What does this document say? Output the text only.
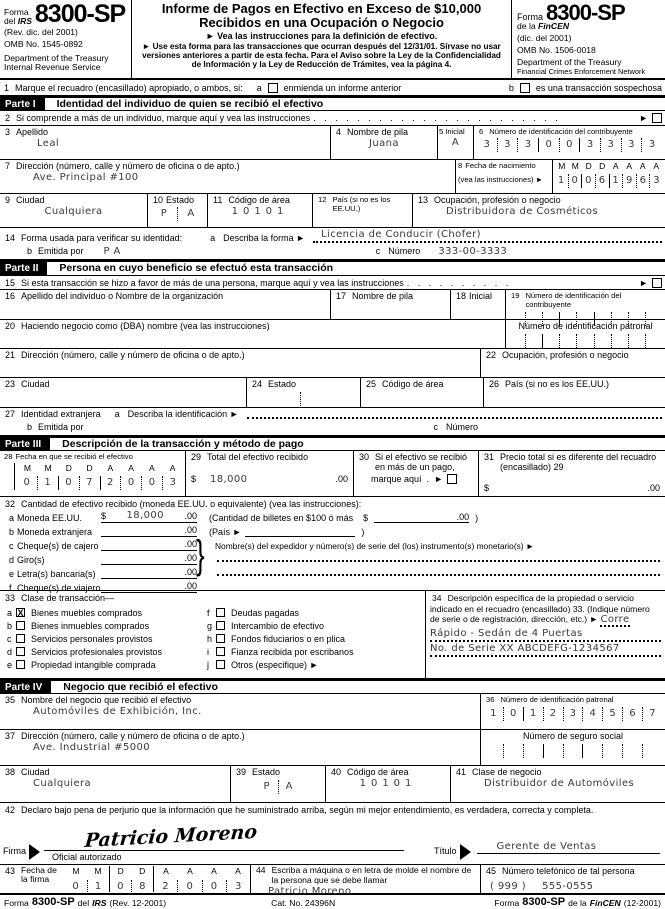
Forma
del IRS 8300-SP
(Rev. dic. del 2001)
OMB No. 1545-0892
Department of the Treasury
Internal Revenue Service
Informe de Pagos en Efectivo en Exceso de $10,000
Recibidos en una Ocupación o Negocio
► Vea las instrucciones para la definición de efectivo.
► Use esta forma para las transacciones que ocurran después del 12/31/01. Sírvase no usar versiones anteriores a partir de esta fecha. Para el Aviso sobre la Ley de la Confidencialidad de Información y la Ley de Reducción de Trámites, vea la página 4.
Forma 8300-SP
de la FinCEN
(dic. del 2001)
OMB No. 1506-0018
Department of the Treasury
Financial Crimes Enforcement Network
1 Marque el recuadro (encasillado) apropiado, o ambos, si: a enmienda un informe anterior	b es una transacción sospechosa
Parte I	Identidad del individuo de quien se recibió el efectivo
2 Si comprende a más de un individuo, marque aquí y vea las instrucciones . . . . . . . . . . . . . . . . . . . . . . .	►
3 Apellido
Leal
4 Nombre de pila
Juana
5 Inicial
A
6 Número de identificación del contribuyente
3	3	3	0	0	3	3	3	3
7 Dirección (número, calle y número de oficina o de apto.)
Ave. Principal #100
8 Fecha de nacimiento
(vea las instrucciones) ►
M M D D A A A A
1 0 0 6 1 9 6 3
9 Ciudad
Cualquiera
10 Estado
P	A
11 Código de área
10101
12 País (si no es los EE.UU.)
13 Ocupación, profesión o negocio
Distribuidora de Cosméticos
14 Forma usada para verificar su identidad:	a Describa la forma ►	Licencia de Conducir (Chofer)
b Emitida por P A	c Número 333-00-3333
Parte II	Persona en cuyo beneficio se efectuó esta transacción
15 Si esta transacción se hizo a favor de más de una persona, marque aquí y vea las instrucciones . . . . . . . . . .	►
16 Apellido del individuo o Nombre de la organización	17 Nombre de pila	18 Inicial 19 Número de identificación del contribuyente
20 Haciendo negocio como (DBA) nombre (vea las instrucciones)	Número de identificación patronal
21 Dirección (número, calle y número de oficina o de apto.)	22 Ocupación, profesión o negocio
23 Ciudad	24 Estado	25 Código de área	26 País (si no es los EE.UU.)
27 Identidad extranjera a Describa la identificación ►
b Emitida por	c Número
Parte III	Descripción de la transacción y método de pago
28 Fecha en que se recibió el efectivo
M	M	D	D	A	A	A	A
0	1	0	7	2	0	0	3
29 Total del efectivo recibido
$ 18,000	.00
30 Si el efectivo se recibió en más de un pago,
marque aquí . ►
31 Precio total si es diferente del recuadro (encasillado) 29
$	.00
32 Cantidad de efectivo recibido (moneda EE.UU. o equivalente) (vea las instrucciones):
a Moneda EE.UU. $	18,000	.00 (Cantidad de billetes en $100 ó más $	.00 )
b Moneda extranjera	.00 (País ►	)
c Cheque(s) de cajero	.00 Nombre(s) del expedidor y número(s) de serie del (los) instrumento(s) monetario(s) ►
d Giro(s)	.00
e Letra(s) bancaria(s)	.00
f Cheque(s) de viajero	.00
}
33 Clase de transacción—
a X Bienes muebles comprados
b	Bienes inmuebles comprados
c	Servicios personales provistos
d	Servicios profesionales provistos
e	Propiedad intangible comprada
f	Deudas pagadas
g	Intercambio de efectivo
h	Fondos fiduciarios o en plica
i	Fianza recibida por escribanos
j	Otros (especifique) ►
34 Descripción específica de la propiedad o servicio indicado en el recuadro (encasillado) 33. (Indique número de serie o de registración, dirección, etc.) ► Corre
Rápido - Sedán de 4 Puertas
No. de Serie XX ABCDEFG-1234567
Parte IV	Negocio que recibió el efectivo
35 Nombre del negocio que recibió el efectivo
Automóviles de Exhibición, Inc.
36 Número de identificación patronal
1	0	1	2	3	4	5	6	7
37 Dirección (número, calle y número de oficina o de apto.)
Ave. Industrial #5000
Número de seguro social
38 Ciudad
Cualquiera
39 Estado
P	A
40 Código de área
10101
41 Clase de negocio
Distribuidor de Automóviles
42 Declaro bajo pena de perjurio que la información que he suministrado arriba, según mi mejor entendimiento, es verdadera, correcta y completa.
Firma	Patricio Moreno
Oficial autorizado
Título	Gerente de Ventas
43 Fecha de la firma
M	M
0	1
D	D
0	8
A	A	A	A
2	0	0	3
44 Escriba a máquina o en letra de molde el nombre de la persona que se debe llamar
Patricio Moreno
45 Número telefónico de tal persona
( 999 ) 555-0555
Forma 8300-SP del IRS (Rev. 12-2001)	Cat. No. 24396N	Forma 8300-SP de la FinCEN (12-2001)
